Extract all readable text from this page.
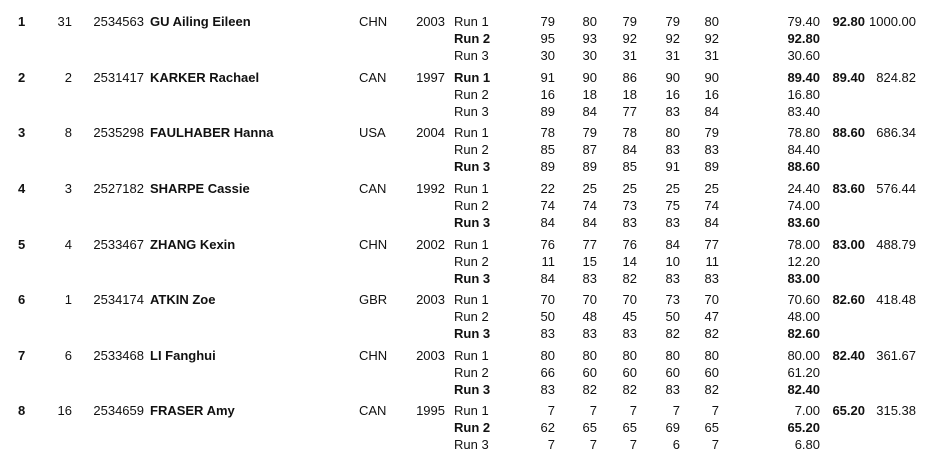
1	31	2534563 GU Ailing Eileen	CHN	2003	92.80 1000.00
Run 1	79	80	79	79	80	79.40
Run 2	95	93	92	92	92	92.80
Run 3	30	30	31	31	31	30.60
2	2	2531417 KARKER Rachael	CAN	1997	89.40 824.82
Run 1	91	90	86	90	90	89.40
Run 2	16	18	18	16	16	16.80
Run 3	89	84	77	83	84	83.40
3	8	2535298 FAULHABER Hanna	USA	2004	88.60 686.34
Run 1	78	79	78	80	79	78.80
Run 2	85	87	84	83	83	84.40
Run 3	89	89	85	91	89	88.60
4	3	2527182 SHARPE Cassie	CAN	1992	83.60 576.44
Run 1	22	25	25	25	25	24.40
Run 2	74	74	73	75	74	74.00
Run 3	84	84	83	83	84	83.60
5	4	2533467 ZHANG Kexin	CHN	2002	83.00 488.79
Run 1	76	77	76	84	77	78.00
Run 2	11	15	14	10	11	12.20
Run 3	84	83	82	83	83	83.00
6	1	2534174 ATKIN Zoe	GBR	2003	82.60 418.48
Run 1	70	70	70	73	70	70.60
Run 2	50	48	45	50	47	48.00
Run 3	83	83	83	82	82	82.60
7	6	2533468 LI Fanghui	CHN	2003	82.40 361.67
Run 1	80	80	80	80	80	80.00
Run 2	66	60	60	60	60	61.20
Run 3	83	82	82	83	82	82.40
8	16	2534659 FRASER Amy	CAN	1995	65.20 315.38
Run 1	7	7	7	7	7	7.00
Run 2	62	65	65	69	65	65.20
Run 3	7	7	7	6	7	6.80
